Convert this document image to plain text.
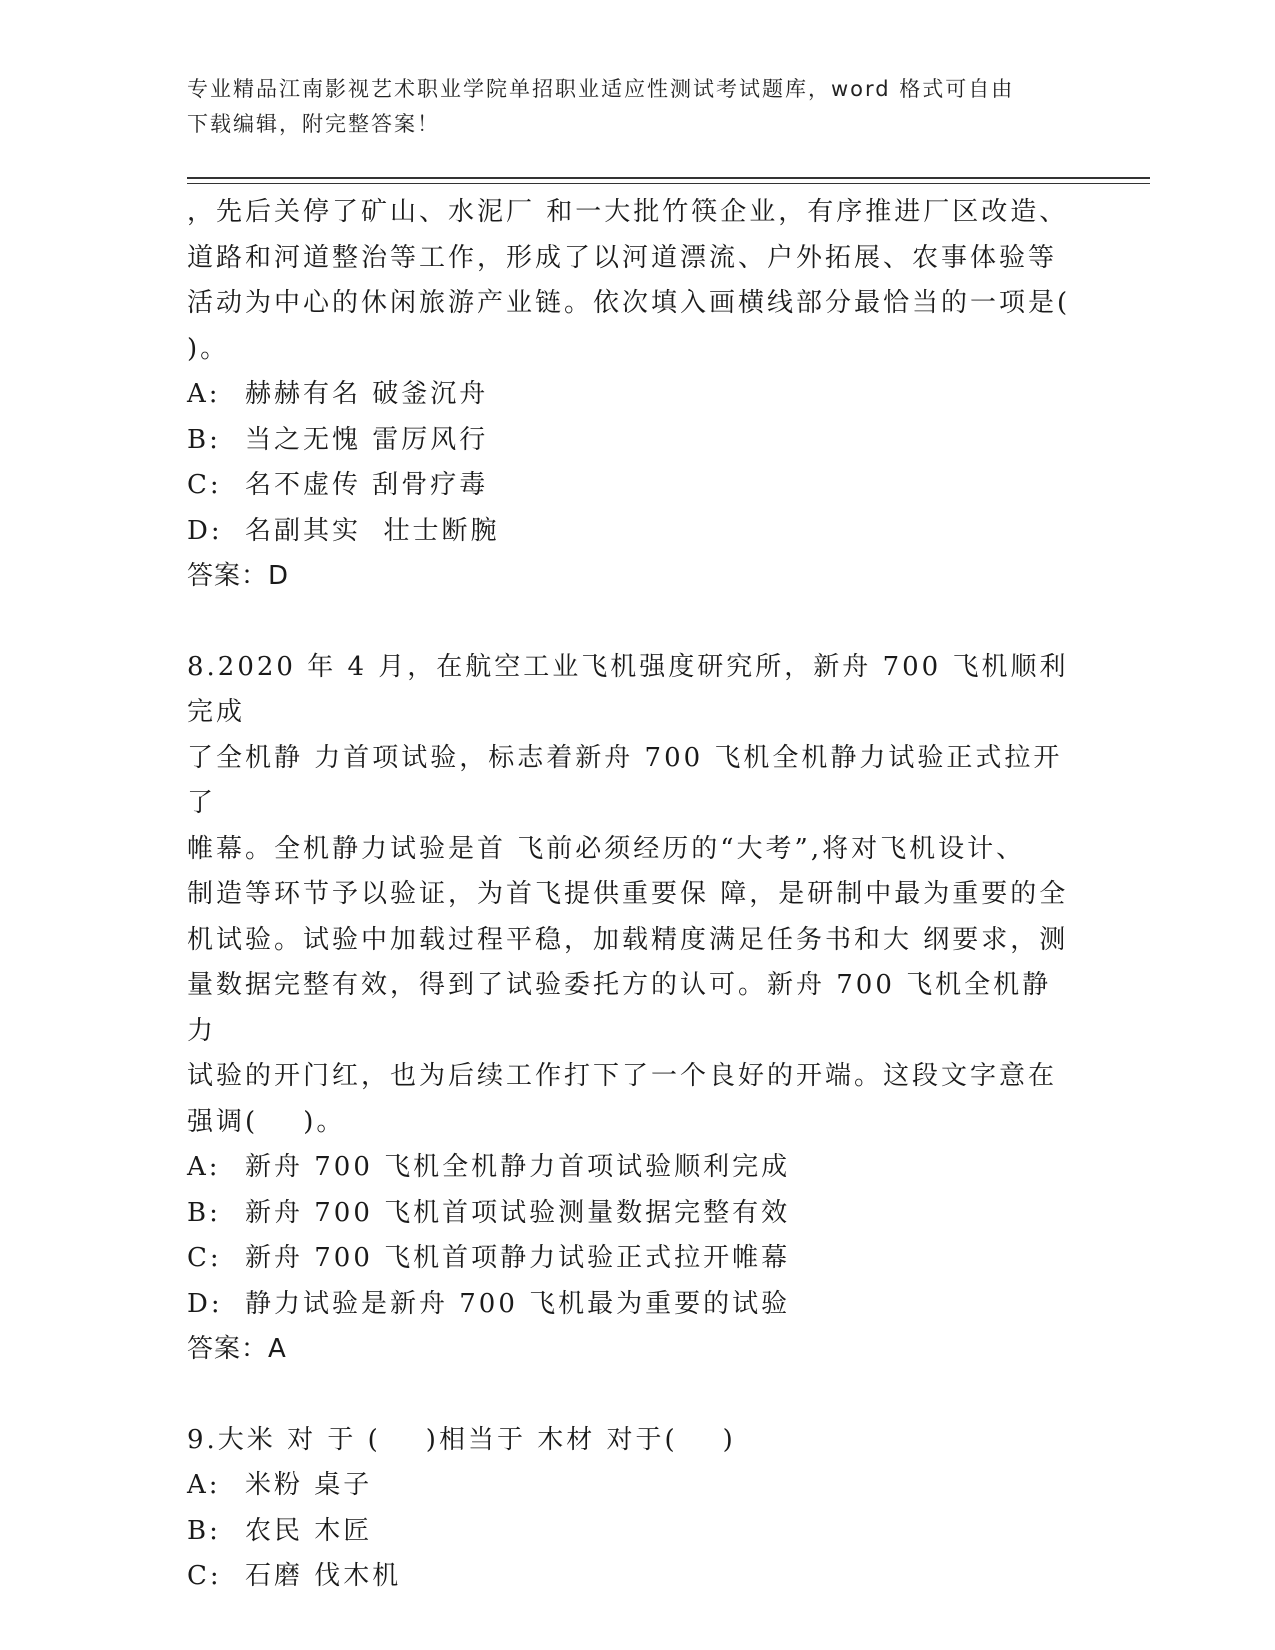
专业精品江南影视艺术职业学院单招职业适应性测试考试题库，word 格式可自由
下载编辑，附完整答案！

，先后关停了矿山、水泥厂 和一大批竹筷企业，有序推进厂区改造、

道路和河道整治等工作，形成了以河道漂流、户外拓展、农事体验等

活动为中心的休闲旅游产业链。依次填入画横线部分最恰当的一项是(

)。

A: 赫赫有名 破釜沉舟

B: 当之无愧 雷厉风行

C: 名不虚传 刮骨疗毒

D: 名副其实  壮士断腕

答案：D

8.2020 年 4 月，在航空工业飞机强度研究所，新舟 700 飞机顺利完成

了全机静 力首项试验，标志着新舟 700 飞机全机静力试验正式拉开了

帷幕。全机静力试验是首 飞前必须经历的“大考”,将对飞机设计、

制造等环节予以验证，为首飞提供重要保 障，是研制中最为重要的全

机试验。试验中加载过程平稳，加载精度满足任务书和大 纲要求，测

量数据完整有效，得到了试验委托方的认可。新舟 700 飞机全机静力

试验的开门红，也为后续工作打下了一个良好的开端。这段文字意在

强调(    )。

A: 新舟 700 飞机全机静力首项试验顺利完成

B: 新舟 700 飞机首项试验测量数据完整有效

C: 新舟 700 飞机首项静力试验正式拉开帷幕

D: 静力试验是新舟 700 飞机最为重要的试验

答案：A

9.大米 对 于 (    )相当于 木材 对于(    )

A: 米粉 桌子

B: 农民 木匠

C: 石磨 伐木机
